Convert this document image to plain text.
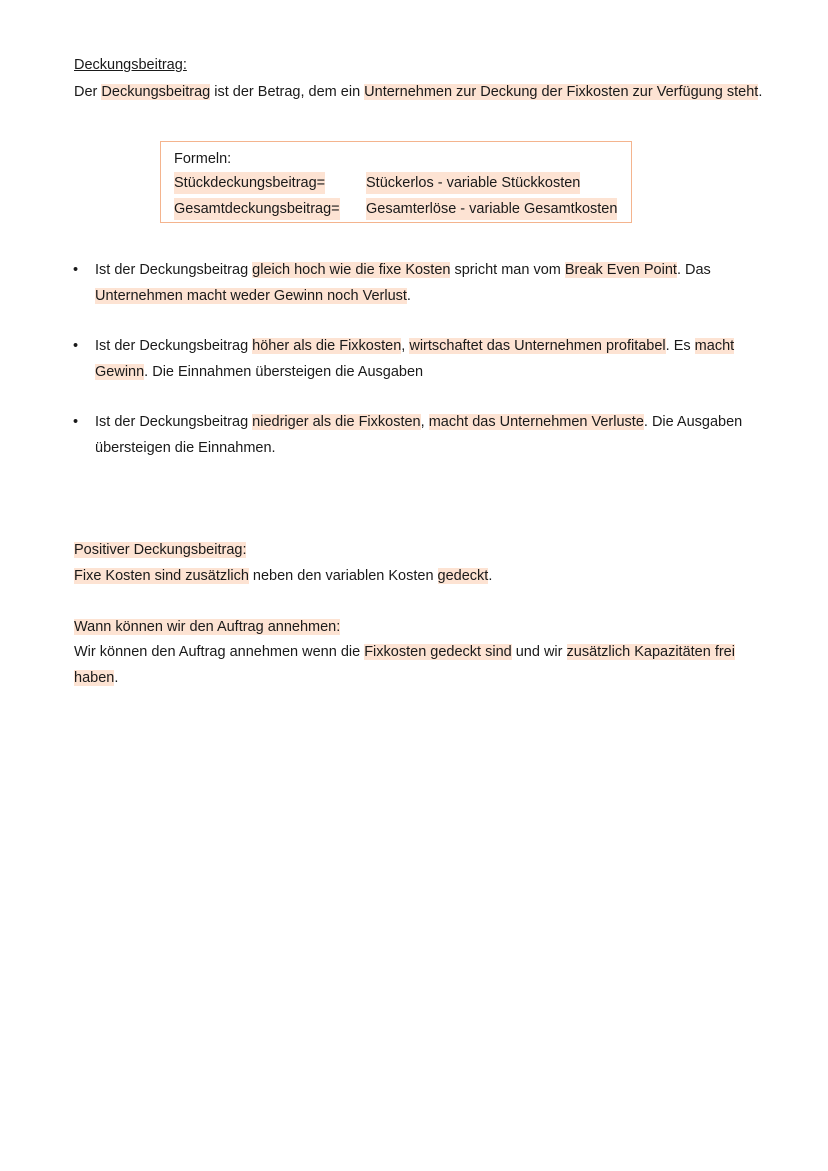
Deckungsbeitrag:

Der Deckungsbeitrag ist der Betrag, dem ein Unternehmen zur Deckung der Fixkosten zur Verfügung steht.

Formeln:
Stückdeckungsbeitrag=	Stückerlos - variable Stückkosten
Gesamtdeckungsbeitrag= Gesamterlöse - variable Gesamtkosten

• Ist der Deckungsbeitrag gleich hoch wie die fixe Kosten spricht man vom Break Even Point. Das Unternehmen macht weder Gewinn noch Verlust.

• Ist der Deckungsbeitrag höher als die Fixkosten, wirtschaftet das Unternehmen profitabel. Es macht Gewinn. Die Einnahmen übersteigen die Ausgaben

• Ist der Deckungsbeitrag niedriger als die Fixkosten, macht das Unternehmen Verluste. Die Ausgaben übersteigen die Einnahmen.

Positiver Deckungsbeitrag:
Fixe Kosten sind zusätzlich neben den variablen Kosten gedeckt.
Wann können wir den Auftrag annehmen:

Wir können den Auftrag annehmen wenn die Fixkosten gedeckt sind und wir zusätzlich Kapazitäten frei haben.
